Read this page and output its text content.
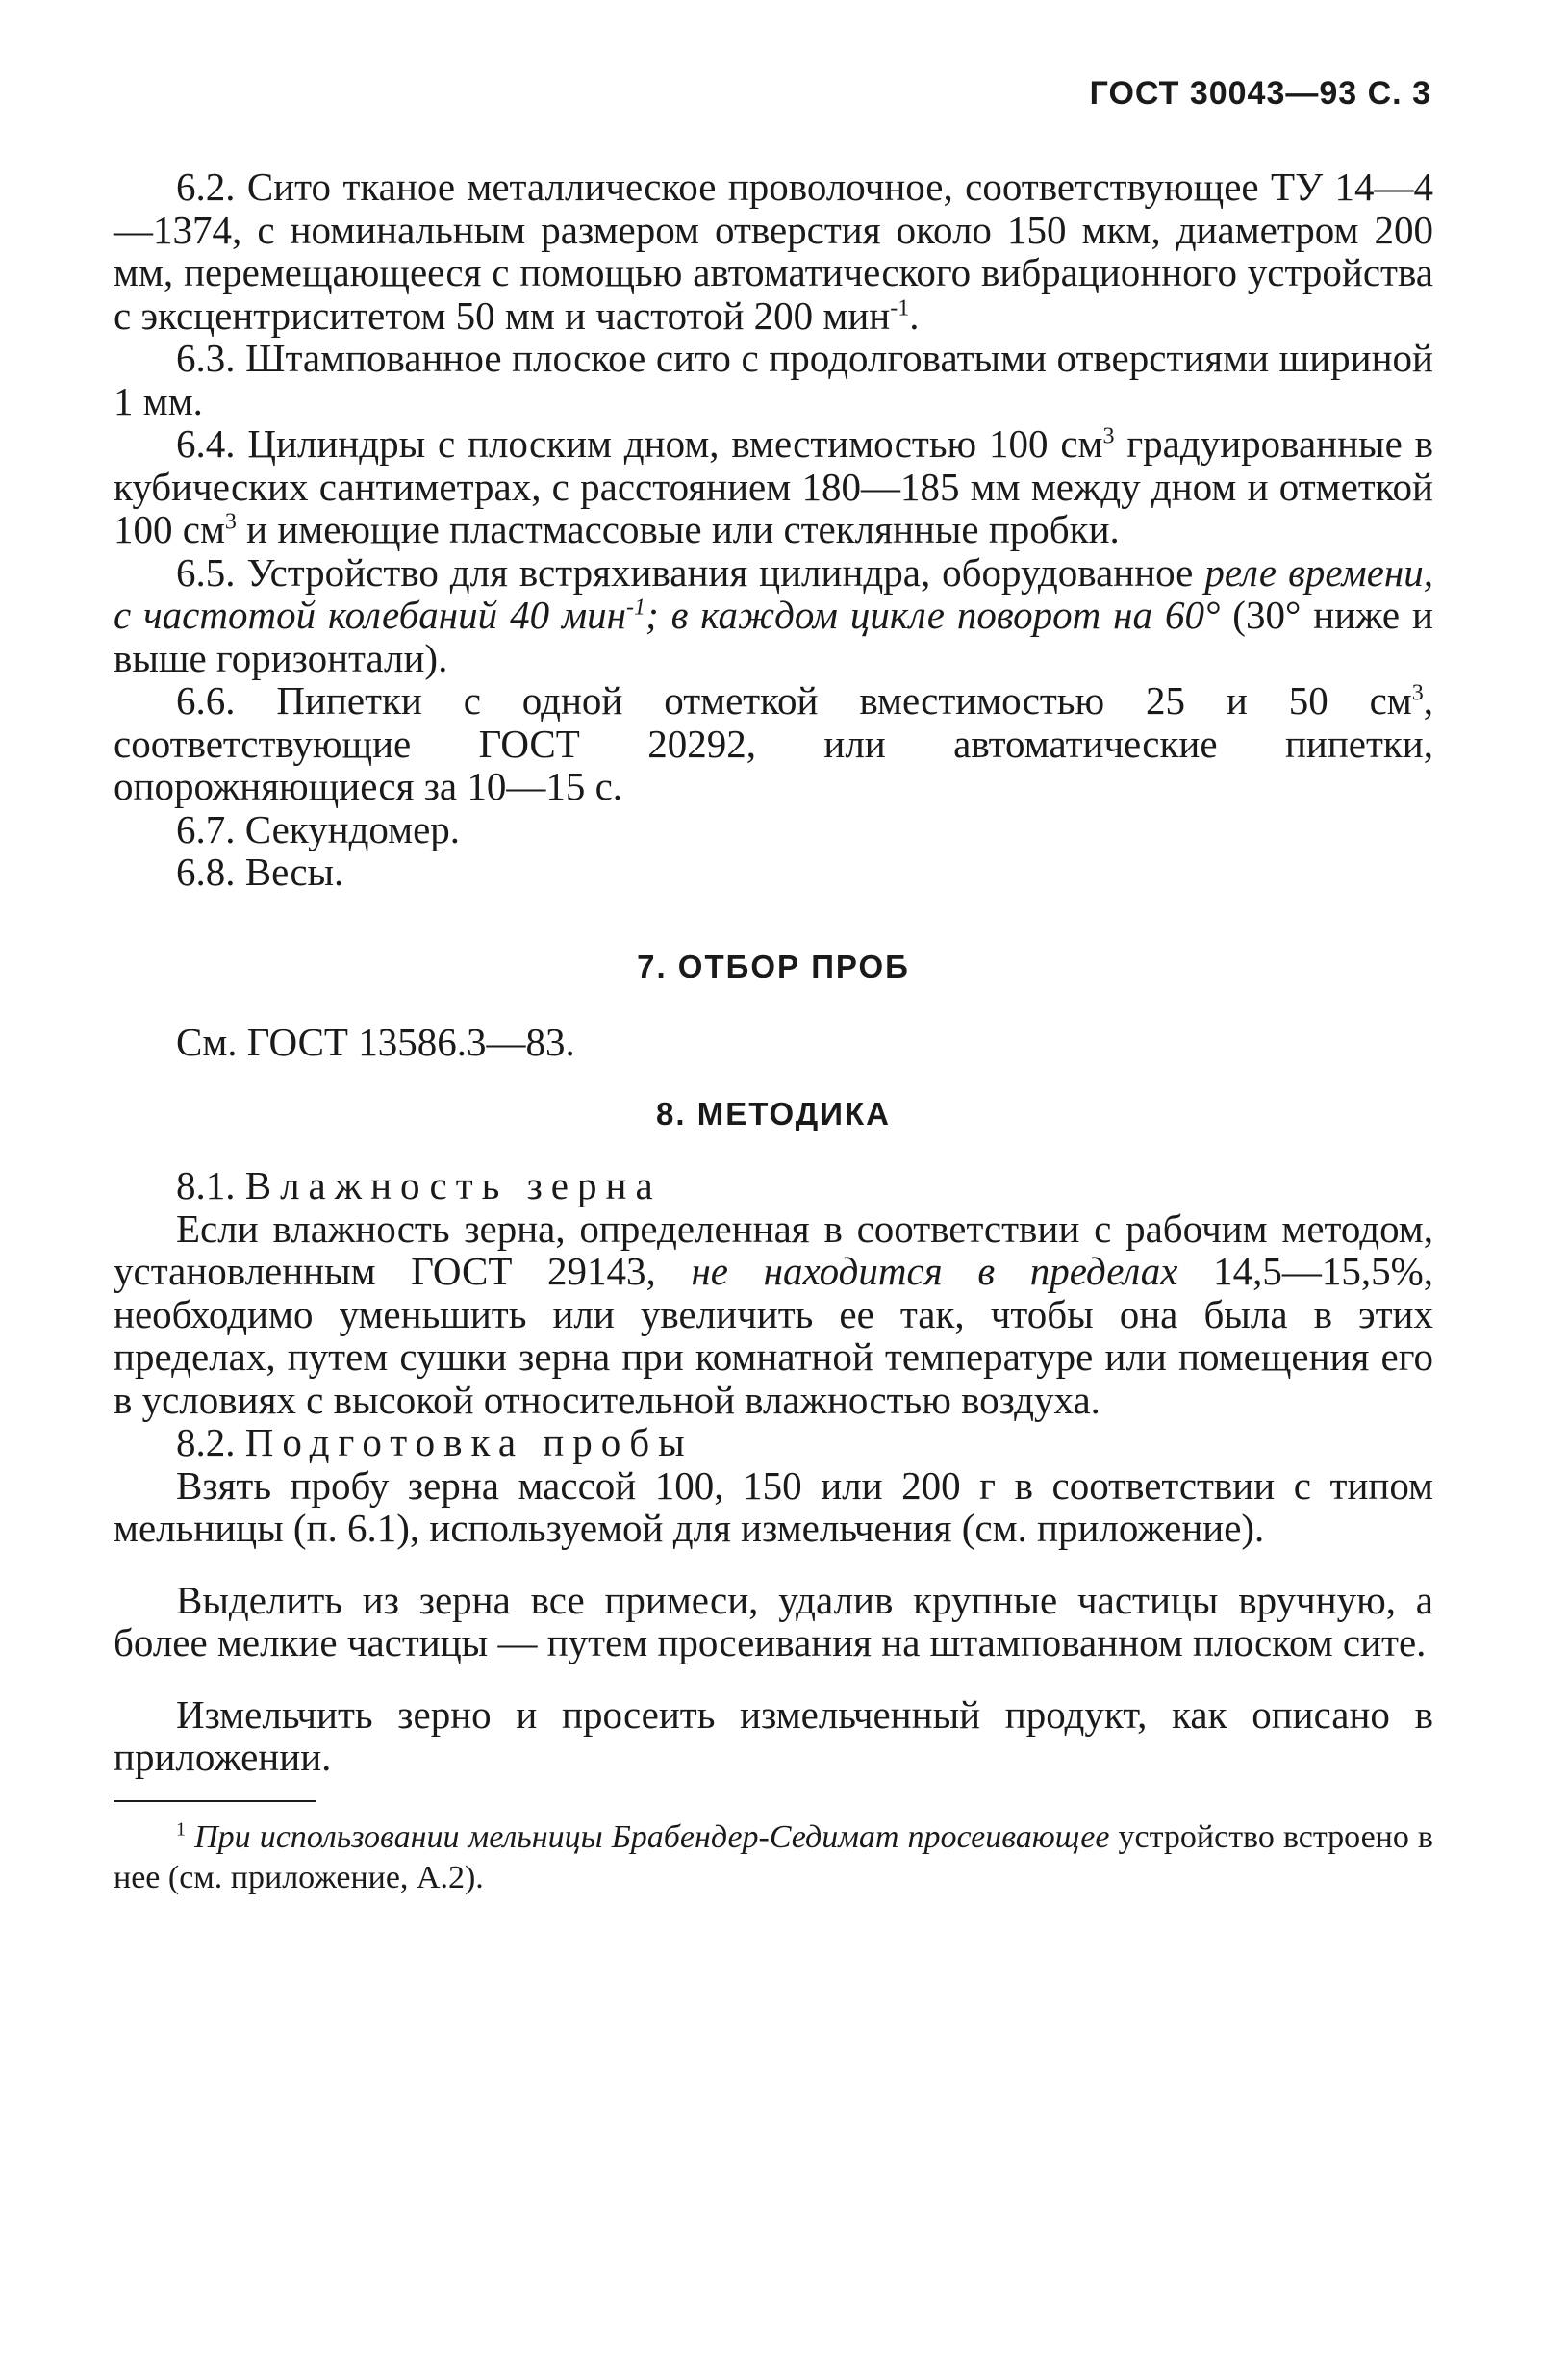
ГОСТ 30043—93 С. 3

6.2. Сито тканое металлическое проволочное, соответствующее ТУ 14—4—1374, с номинальным размером отверстия около 150 мкм, диаметром 200 мм, перемещающееся с помощью автоматического вибрационного устройства с эксцентриситетом 50 мм и частотой 200 мин$^{-1}$.

6.3. Штампованное плоское сито с продолговатыми отверстиями шириной 1 мм.

6.4. Цилиндры с плоским дном, вместимостью 100 $см^3$ градуированные в кубических сантиметрах, с расстоянием 180—185 мм между дном и отметкой 100 $см^3$ и имеющие пластмассовые или стеклянные пробки.

6.5. Устройство для встряхивания цилиндра, оборудованное реле времени, с частотой колебаний 40 мин$^{-1}$; в каждом цикле поворот на 60° (30° ниже и выше горизонтали).

6.6. Пипетки с одной отметкой вместимостью 25 и 50 $см^3$, соответствующие ГОСТ 20292, или автоматические пипетки, опорожняющиеся за 10—15 с.

6.7. Секундомер.

6.8. Весы.

7. ОТБОР ПРОБ

См. ГОСТ 13586.3—83.

8. МЕТОДИКА

8.1. Влажность зерна

Если влажность зерна, определенная в соответствии с рабочим методом, установленным ГОСТ 29143, не находится в пределах 14,5—15,5%, необходимо уменьшить или увеличить ее так, чтобы она была в этих пределах, путем сушки зерна при комнатной температуре или помещения его в условиях с высокой относительной влажностью воздуха.

8.2. Подготовка пробы

Взять пробу зерна массой 100, 150 или 200 г в соответствии с типом мельницы (п. 6.1), используемой для измельчения (см. приложение).

Выделить из зерна все примеси, удалив крупные частицы вручную, а более мелкие частицы — путем просеивания на штампованном плоском сите.

Измельчить зерно и просеить измельченный продукт, как описано в приложении.

$^1$ При использовании мельницы Брабендер-Седимат просеивающее устройство встроено в нее (см. приложение, А.2).
